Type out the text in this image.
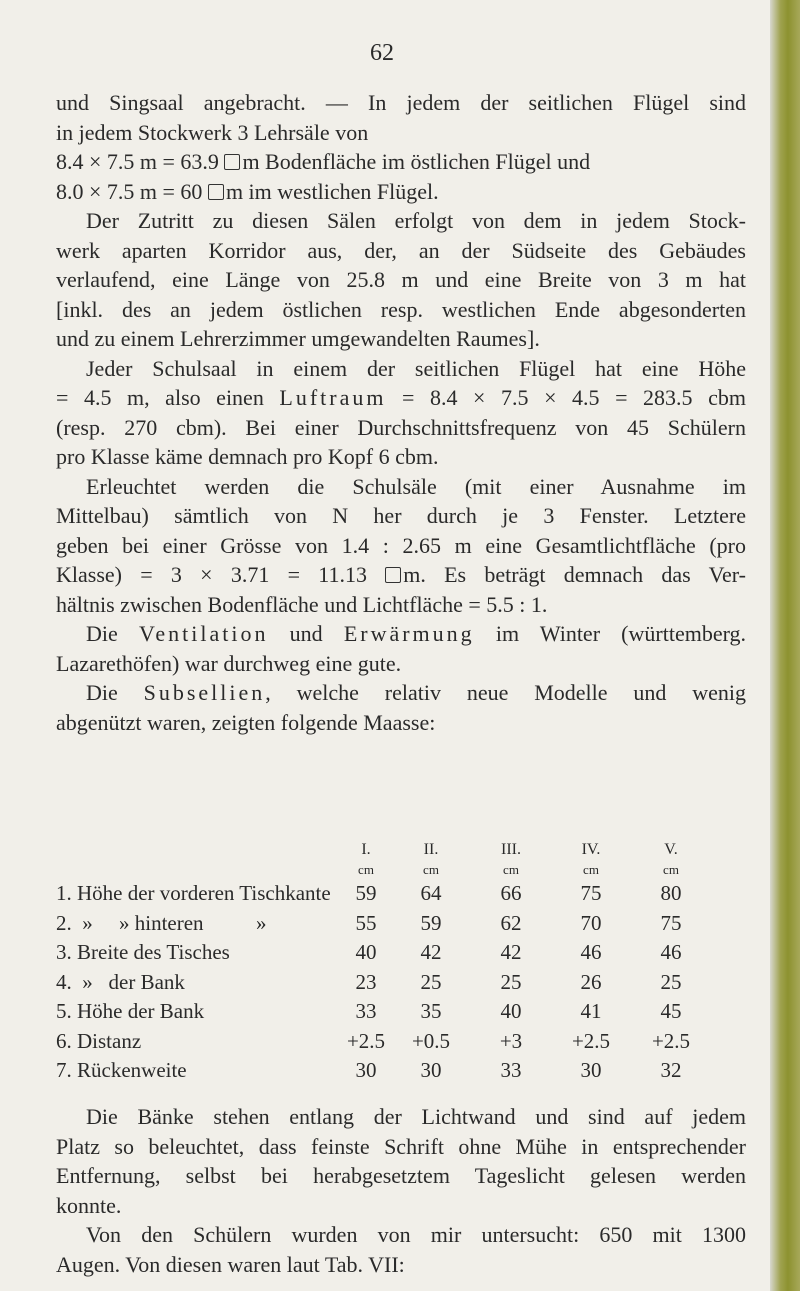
62
und Singsaal angebracht. — In jedem der seitlichen Flügel sind
in jedem Stockwerk 3 Lehrsäle von
8.4 × 7.5 m = 63.9 m Bodenfläche im östlichen Flügel und
8.0 × 7.5 m = 60 m im westlichen Flügel.
Der Zutritt zu diesen Sälen erfolgt von dem in jedem Stock-
werk aparten Korridor aus, der, an der Südseite des Gebäudes
verlaufend, eine Länge von 25.8 m und eine Breite von 3 m hat
[inkl. des an jedem östlichen resp. westlichen Ende abgesonderten
und zu einem Lehrerzimmer umgewandelten Raumes].
Jeder Schulsaal in einem der seitlichen Flügel hat eine Höhe
= 4.5 m, also einen Luftraum = 8.4 × 7.5 × 4.5 = 283.5 cbm
(resp. 270 cbm). Bei einer Durchschnittsfrequenz von 45 Schülern
pro Klasse käme demnach pro Kopf 6 cbm.
Erleuchtet werden die Schulsäle (mit einer Ausnahme im
Mittelbau) sämtlich von N her durch je 3 Fenster. Letztere
geben bei einer Grösse von 1.4 : 2.65 m eine Gesamtlichtfläche (pro
Klasse) = 3 × 3.71 = 11.13 m. Es beträgt demnach das Ver-
hältnis zwischen Bodenfläche und Lichtfläche = 5.5 : 1.
Die Ventilation und Erwärmung im Winter (württemberg.
Lazarethöfen) war durchweg eine gute.
Die Subsellien, welche relativ neue Modelle und wenig
abgenützt waren, zeigten folgende Maasse:
	I.	II.	III.	IV.	V.
	cm	cm	cm	cm	cm
1. Höhe der vorderen Tischkante	59	64	66	75	80
2.  »     » hinteren          »	55	59	62	70	75
3. Breite des Tisches	40	42	42	46	46
4.  »   der Bank	23	25	25	26	25
5. Höhe der Bank	33	35	40	41	45
6. Distanz	+2.5	+0.5	+3	+2.5	+2.5
7. Rückenweite	30	30	33	30	32
Die Bänke stehen entlang der Lichtwand und sind auf jedem
Platz so beleuchtet, dass feinste Schrift ohne Mühe in entsprechender
Entfernung, selbst bei herabgesetztem Tageslicht gelesen werden
konnte.
Von den Schülern wurden von mir untersucht: 650 mit 1300
Augen. Von diesen waren laut Tab. VII:
